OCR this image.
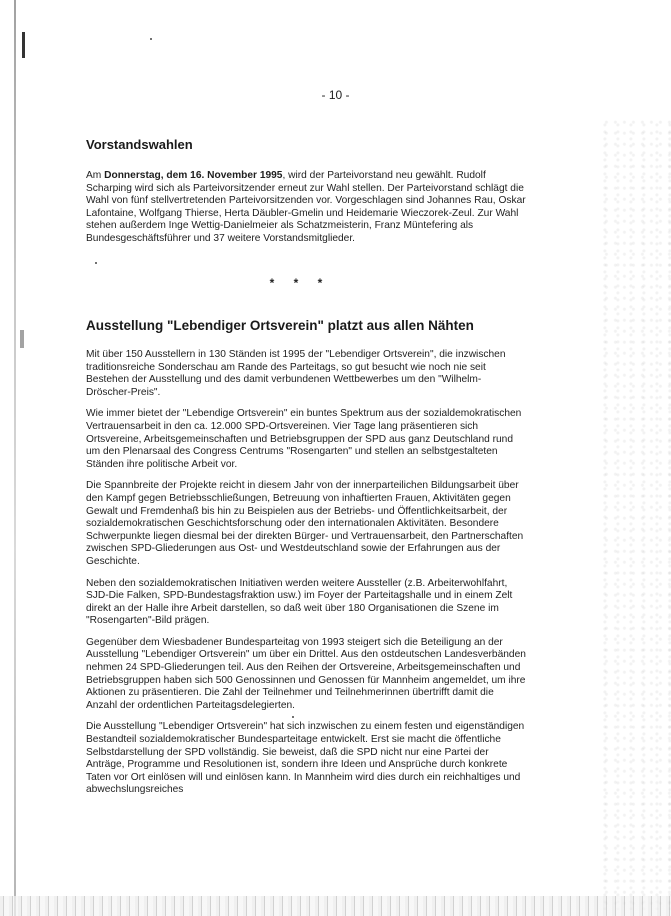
- 10 -
Vorstandswahlen

Am Donnerstag, dem 16. November 1995, wird der Parteivorstand neu gewählt. Rudolf Scharping wird sich als Parteivorsitzender erneut zur Wahl stellen. Der Parteivorstand schlägt die Wahl von fünf stellvertretenden Parteivorsitzenden vor. Vorgeschlagen sind Johannes Rau, Oskar Lafontaine, Wolfgang Thierse, Herta Däubler-Gmelin und Heidemarie Wieczorek-Zeul. Zur Wahl stehen außerdem Inge Wettig-Danielmeier als Schatzmeisterin, Franz Müntefering als Bundesgeschäftsführer und 37 weitere Vorstandsmitglieder.

* * *
Ausstellung "Lebendiger Ortsverein" platzt aus allen Nähten

Mit über 150 Ausstellern in 130 Ständen ist 1995 der "Lebendiger Ortsverein", die inzwischen traditionsreiche Sonderschau am Rande des Parteitags, so gut besucht wie noch nie seit Bestehen der Ausstellung und des damit verbundenen Wettbewerbes um den "Wilhelm-Dröscher-Preis".

Wie immer bietet der "Lebendige Ortsverein" ein buntes Spektrum aus der sozialdemokratischen Vertrauensarbeit in den ca. 12.000 SPD-Ortsvereinen. Vier Tage lang präsentieren sich Ortsvereine, Arbeitsgemeinschaften und Betriebsgruppen der SPD aus ganz Deutschland rund um den Plenarsaal des Congress Centrums "Rosengarten" und stellen an selbstgestalteten Ständen ihre politische Arbeit vor.

Die Spannbreite der Projekte reicht in diesem Jahr von der innerparteilichen Bildungsarbeit über den Kampf gegen Betriebsschließungen, Betreuung von inhaftierten Frauen, Aktivitäten gegen Gewalt und Fremdenhaß bis hin zu Beispielen aus der Betriebs- und Öffentlichkeitsarbeit, der sozialdemokratischen Geschichtsforschung oder den internationalen Aktivitäten. Besondere Schwerpunkte liegen diesmal bei der direkten Bürger- und Vertrauensarbeit, den Partnerschaften zwischen SPD-Gliederungen aus Ost- und Westdeutschland sowie der Erfahrungen aus der Geschichte.

Neben den sozialdemokratischen Initiativen werden weitere Aussteller (z.B. Arbeiterwohlfahrt, SJD-Die Falken, SPD-Bundestagsfraktion usw.) im Foyer der Parteitagshalle und in einem Zelt direkt an der Halle ihre Arbeit darstellen, so daß weit über 180 Organisationen die Szene im "Rosengarten"-Bild prägen.

Gegenüber dem Wiesbadener Bundesparteitag von 1993 steigert sich die Beteiligung an der Ausstellung "Lebendiger Ortsverein" um über ein Drittel. Aus den ostdeutschen Landesverbänden nehmen 24 SPD-Gliederungen teil. Aus den Reihen der Ortsvereine, Arbeitsgemeinschaften und Betriebsgruppen haben sich 500 Genossinnen und Genossen für Mannheim angemeldet, um ihre Aktionen zu präsentieren. Die Zahl der Teilnehmer und Teilnehmerinnen übertrifft damit die Anzahl der ordentlichen Parteitagsdelegierten.

Die Ausstellung "Lebendiger Ortsverein" hat sich inzwischen zu einem festen und eigenständigen Bestandteil sozialdemokratischer Bundesparteitage entwickelt. Erst sie macht die öffentliche Selbstdarstellung der SPD vollständig. Sie beweist, daß die SPD nicht nur eine Partei der Anträge, Programme und Resolutionen ist, sondern ihre Ideen und Ansprüche durch konkrete Taten vor Ort einlösen will und einlösen kann. In Mannheim wird dies durch ein reichhaltiges und abwechslungsreiches
